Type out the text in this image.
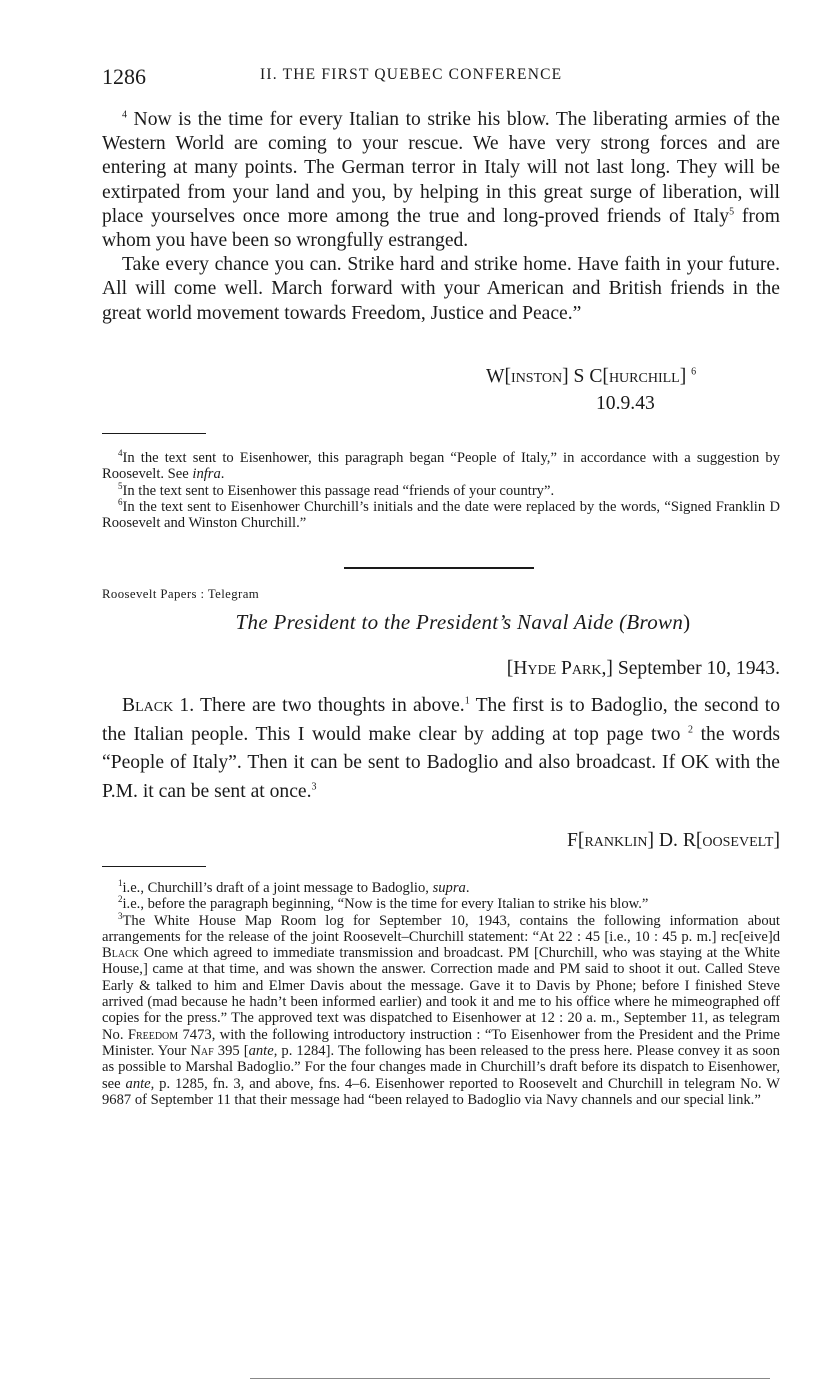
1286	II. THE FIRST QUEBEC CONFERENCE

$^4$ Now is the time for every Italian to strike his blow. The liberating armies of the Western World are coming to your rescue. We have very strong forces and are entering at many points. The German terror in Italy will not last long. They will be extirpated from your land and you, by helping in this great surge of liberation, will place yourselves once more among the true and long-proved friends of Italy$^5$ from whom you have been so wrongfully estranged.

Take every chance you can. Strike hard and strike home. Have faith in your future. All will come well. March forward with your American and British friends in the great world movement towards Freedom, Justice and Peace.”

W[inston] S C[hurchill] $^6$
10.9.43

$^4$In the text sent to Eisenhower, this paragraph began “People of Italy,” in accordance with a suggestion by Roosevelt. See infra.

$^5$In the text sent to Eisenhower this passage read “friends of your country”.

$^6$In the text sent to Eisenhower Churchill’s initials and the date were replaced by the words, “Signed Franklin D Roosevelt and Winston Churchill.”

Roosevelt Papers : Telegram
The President to the President’s Naval Aide (Brown)
[Hyde Park,] September 10, 1943.

Black 1. There are two thoughts in above.$^1$ The first is to Badoglio, the second to the Italian people. This I would make clear by adding at top page two $^2$ the words “People of Italy”. Then it can be sent to Badoglio and also broadcast. If OK with the P.M. it can be sent at once.$^3$

F[ranklin] D. R[oosevelt]

$^1$i.e., Churchill’s draft of a joint message to Badoglio, supra.

$^2$i.e., before the paragraph beginning, “Now is the time for every Italian to strike his blow.”

$^3$The White House Map Room log for September 10, 1943, contains the following information about arrangements for the release of the joint Roosevelt–Churchill statement: “At 22 : 45 [i.e., 10 : 45 p. m.] rec[eive]d Black One which agreed to immediate transmission and broadcast. PM [Churchill, who was staying at the White House,] came at that time, and was shown the answer. Correction made and PM said to shoot it out. Called Steve Early & talked to him and Elmer Davis about the message. Gave it to Davis by Phone; before I finished Steve arrived (mad because he hadn’t been informed earlier) and took it and me to his office where he mimeographed off copies for the press.” The approved text was dispatched to Eisenhower at 12 : 20 a. m., September 11, as telegram No. Freedom 7473, with the following introductory instruction : “To Eisenhower from the President and the Prime Minister. Your Naf 395 [ante, p. 1284]. The following has been released to the press here. Please convey it as soon as possible to Marshal Badoglio.” For the four changes made in Churchill’s draft before its dispatch to Eisenhower, see ante, p. 1285, fn. 3, and above, fns. 4–6. Eisenhower reported to Roosevelt and Churchill in telegram No. W 9687 of September 11 that their message had “been relayed to Badoglio via Navy channels and our special link.”
